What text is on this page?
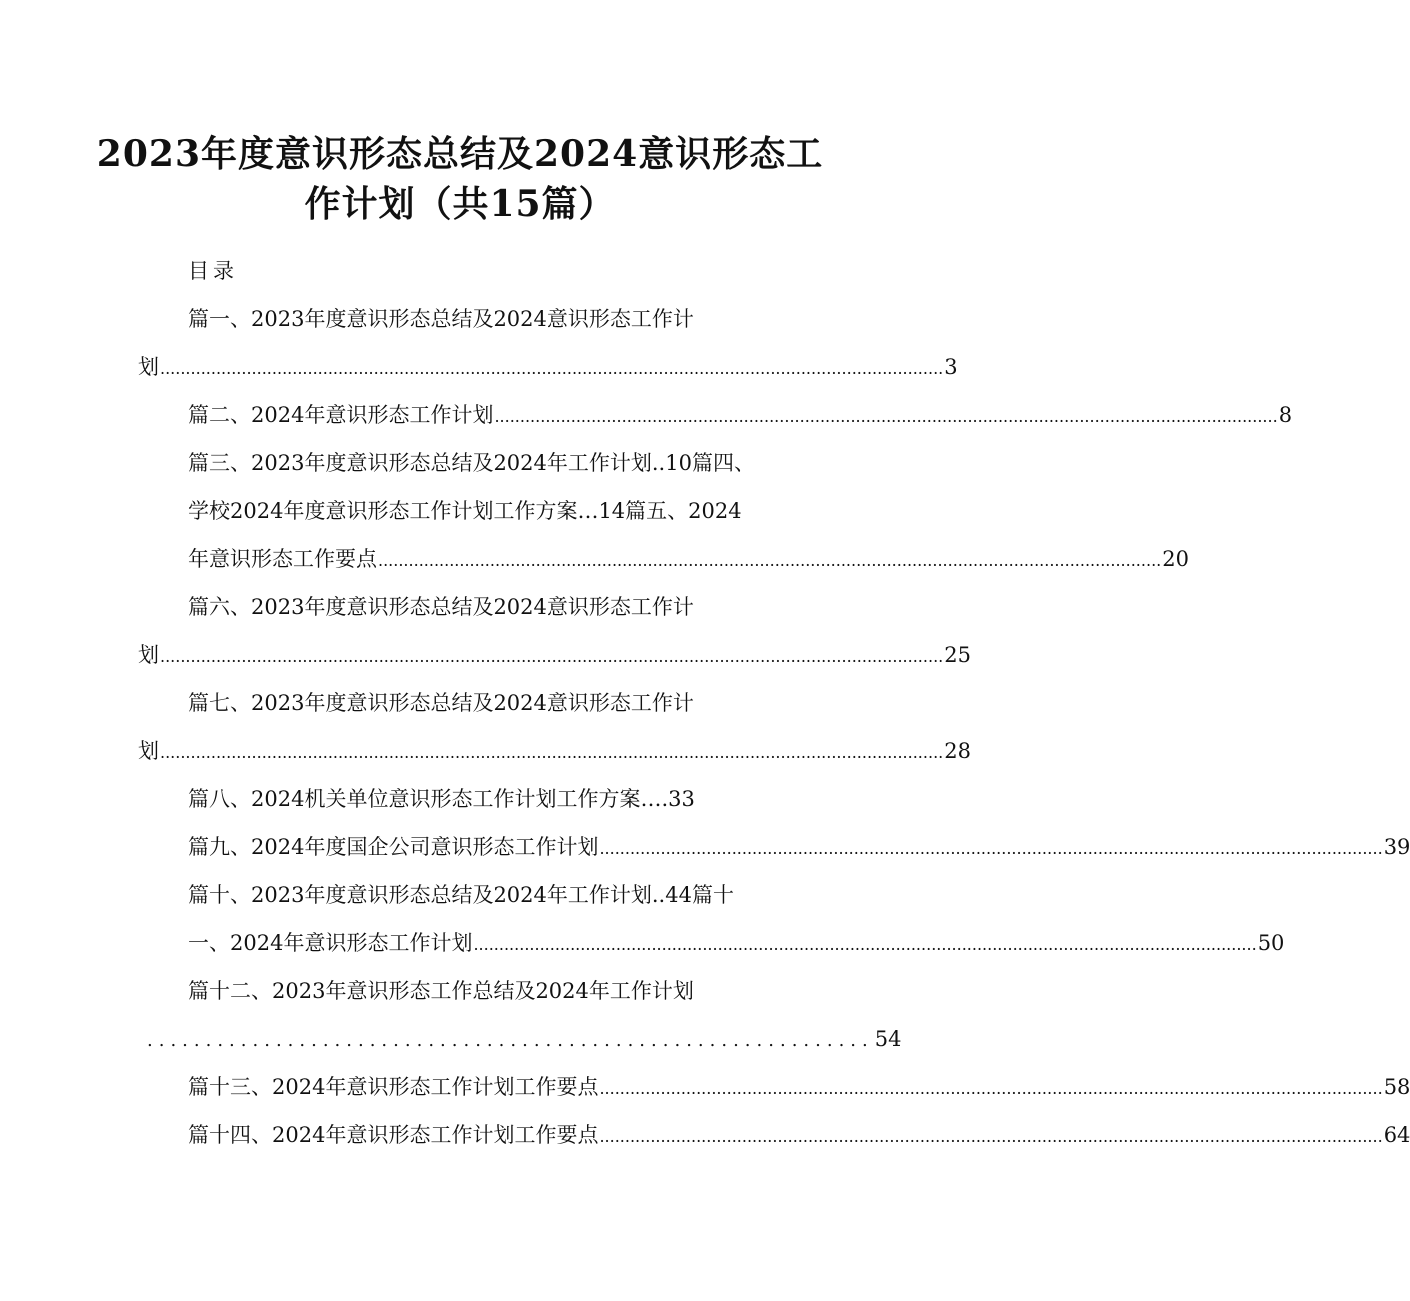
2023年度意识形态总结及2024意识形态工
作计划（共15篇）
目录
篇一、2023年度意识形态总结及2024意识形态工作计
划 .......................................................................................................................................................... 3
篇二、2024年意识形态工作计划 .......................................................................................................................................................... 8
篇三、2023年度意识形态总结及2024年工作计划..10篇四、
学校2024年度意识形态工作计划工作方案…14篇五、2024
年意识形态工作要点 .......................................................................................................................................................... 20
篇六、2023年度意识形态总结及2024意识形态工作计
划 .......................................................................................................................................................... 25
篇七、2023年度意识形态总结及2024意识形态工作计
划 .......................................................................................................................................................... 28
篇八、2024机关单位意识形态工作计划工作方案….33
篇九、2024年度国企公司意识形态工作计划 .......................................................................................................................................................... 39
篇十、2023年度意识形态总结及2024年工作计划..44篇十
一、2024年意识形态工作计划 .......................................................................................................................................................... 50
篇十二、2023年意识形态工作总结及2024年工作计划
.............................................................. 54
篇十三、2024年意识形态工作计划工作要点 .......................................................................................................................................................... 58
篇十四、2024年意识形态工作计划工作要点 .......................................................................................................................................................... 64
